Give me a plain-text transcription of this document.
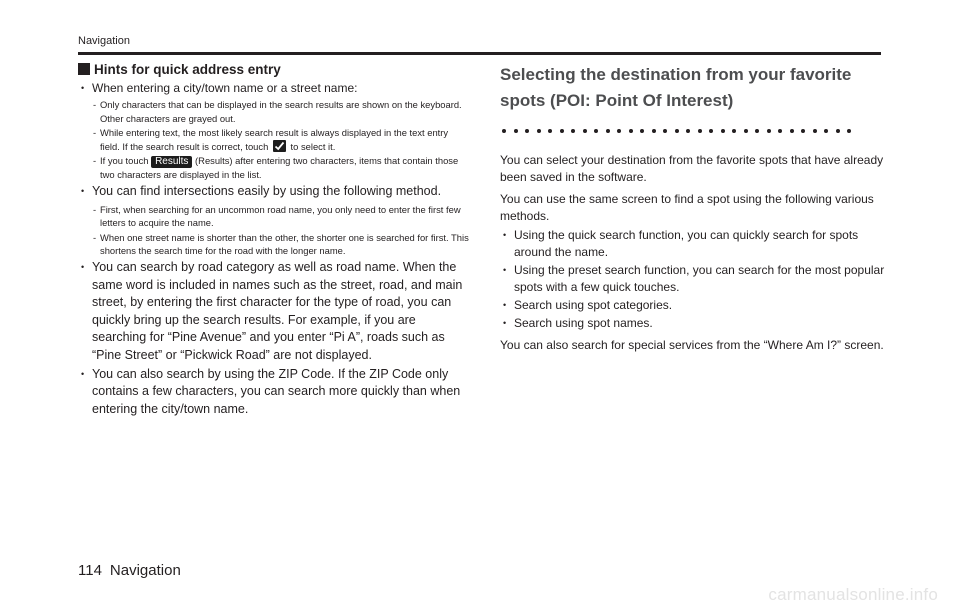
Navigation
Hints for quick address entry
• When entering a city/town name or a street name:
- Only characters that can be displayed in the search results are shown on the keyboard. Other characters are grayed out.
- While entering text, the most likely search result is always displayed in the text entry field. If the search result is correct, touch to select it.
- If you touch Results (Results) after entering two characters, items that contain those two characters are displayed in the list.
• You can find intersections easily by using the following method.
- First, when searching for an uncommon road name, you only need to enter the first few letters to acquire the name.
- When one street name is shorter than the other, the shorter one is searched for first. This shortens the search time for the road with the longer name.
• You can search by road category as well as road name. When the same word is included in names such as the street, road, and main street, by entering the first character for the type of road, you can quickly bring up the search results. For example, if you are searching for “Pine Avenue” and you enter “Pi A”, roads such as “Pine Street” or “Pickwick Road” are not displayed.
• You can also search by using the ZIP Code. If the ZIP Code only contains a few characters, you can search more quickly than when entering the city/town name.
Selecting the destination from your favorite
spots (POI: Point Of Interest)

You can select your destination from the favorite spots that have already been saved in the software.

You can use the same screen to find a spot using the following various methods.

• Using the quick search function, you can quickly search for spots around the name.
• Using the preset search function, you can search for the most popular spots with a few quick touches.
• Search using spot categories.
• Search using spot names.

You can also search for special services from the “Where Am I?” screen.

114 Navigation
carmanualsonline.info
